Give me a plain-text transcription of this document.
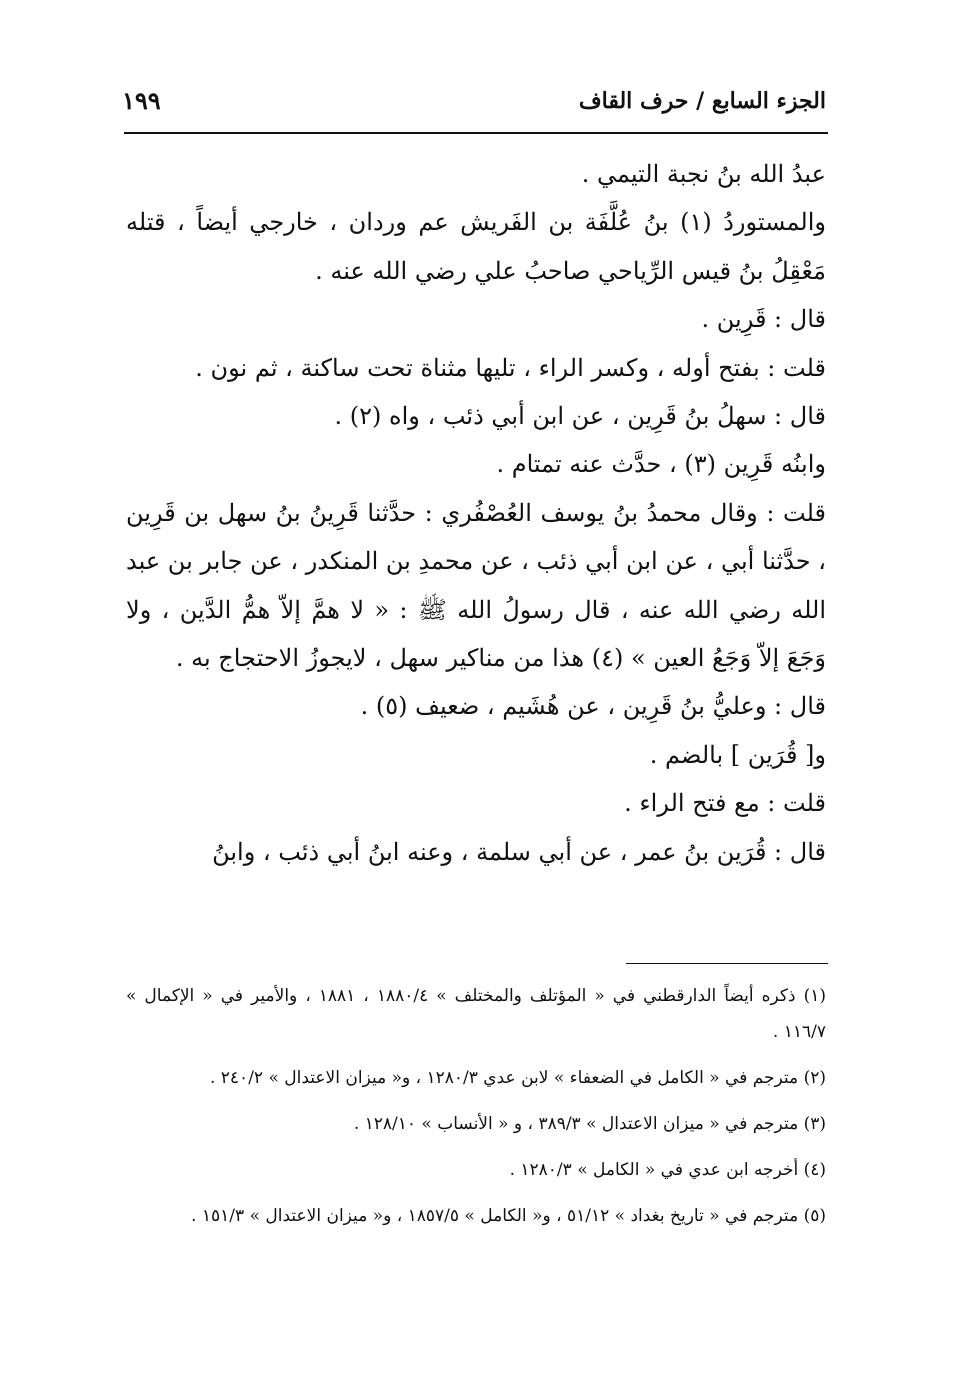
الجزء السابع / حرف القاف
١٩٩

عبدُ الله بنُ نجبة التيمي .

والمستوردُ (١) بنُ عُلَّفَة بن الفَريش عم وردان ، خارجي أيضاً ، قتله مَعْقِلُ بنُ قيس الرِّياحي صاحبُ علي رضي الله عنه .

قال : قَرِين .

قلت : بفتح أوله ، وكسر الراء ، تليها مثناة تحت ساكنة ، ثم نون .

قال : سهلُ بنُ قَرِين ، عن ابن أبي ذئب ، واه (٢) .

وابنُه قَرِين (٣) ، حدَّث عنه تمتام .

قلت : وقال محمدُ بنُ يوسف العُصْفُري : حدَّثنا قَرِينُ بنُ سهل بن قَرِين ، حدَّثنا أبي ، عن ابن أبي ذئب ، عن محمدِ بن المنكدر ، عن جابر بن عبد الله رضي الله عنه ، قال رسولُ الله ﷺ : « لا همَّ إلاّ همُّ الدَّين ، ولا وَجَعَ إلاّ وَجَعُ العين » (٤) هذا من مناكير سهل ، لايجوزُ الاحتجاج به .

قال : وعليُّ بنُ قَرِين ، عن هُشَيم ، ضعيف (٥) .

و[ قُرَين ] بالضم .

قلت : مع فتح الراء .

قال : قُرَين بنُ عمر ، عن أبي سلمة ، وعنه ابنُ أبي ذئب ، وابنُ

(١) ذكره أيضاً الدارقطني في « المؤتلف والمختلف » ١٨٨٠/٤ ، ١٨٨١ ، والأمير في « الإكمال » ١١٦/٧ .

(٢) مترجم في « الكامل في الضعفاء » لابن عدي ١٢٨٠/٣ ، و« ميزان الاعتدال » ٢٤٠/٢ .

(٣) مترجم في « ميزان الاعتدال » ٣٨٩/٣ ، و « الأنساب » ١٢٨/١٠ .

(٤) أخرجه ابن عدي في « الكامل » ١٢٨٠/٣ .

(٥) مترجم في « تاريخ بغداد » ٥١/١٢ ، و« الكامل » ١٨٥٧/٥ ، و« ميزان الاعتدال » ١٥١/٣ .
